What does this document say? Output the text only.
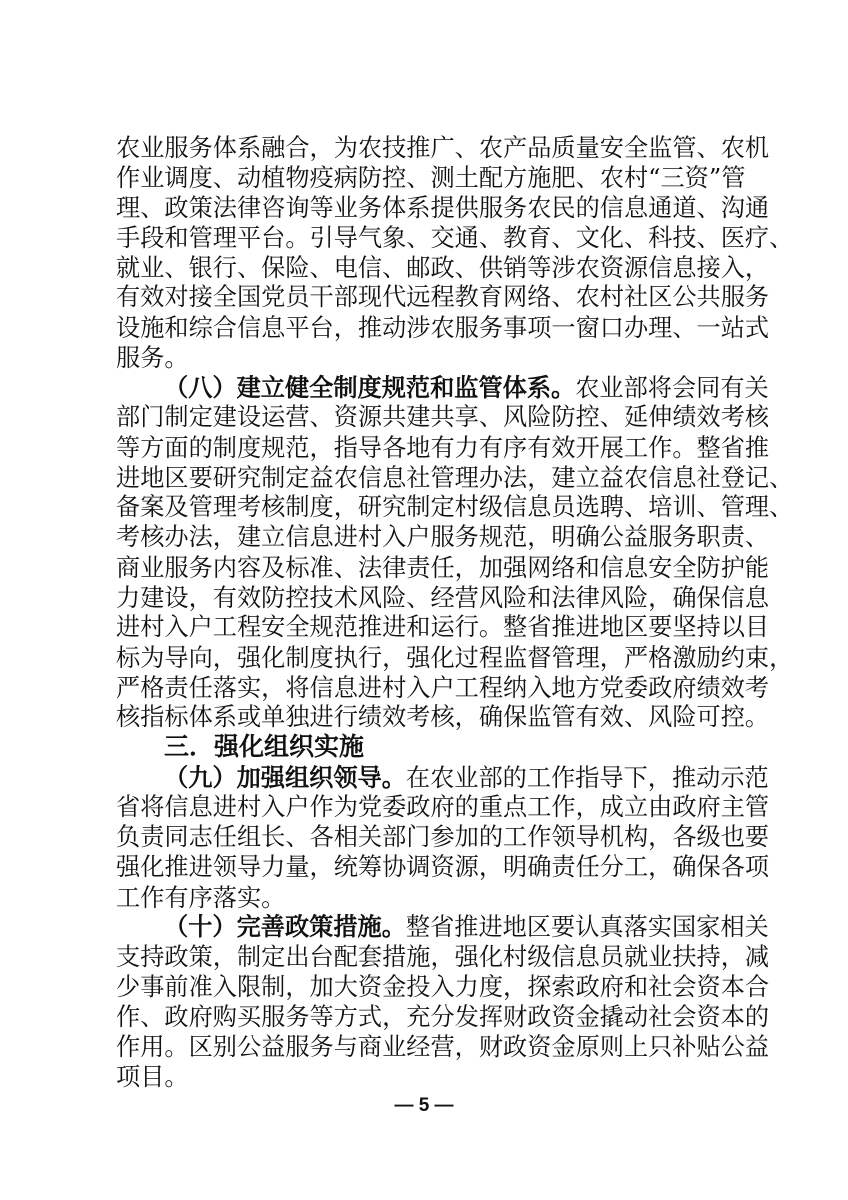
— 5 —
农业服务体系融合，为农技推广、农产品质量安全监管、农机
作业调度、动植物疫病防控、测土配方施肥、农村“三资”管
理、政策法律咨询等业务体系提供服务农民的信息通道、沟通
手段和管理平台。引导气象、交通、教育、文化、科技、医疗、
就业、银行、保险、电信、邮政、供销等涉农资源信息接入，
有效对接全国党员干部现代远程教育网络、农村社区公共服务
设施和综合信息平台，推动涉农服务事项一窗口办理、一站式
服务。
（八）建立健全制度规范和监管体系。农业部将会同有关
部门制定建设运营、资源共建共享、风险防控、延伸绩效考核
等方面的制度规范，指导各地有力有序有效开展工作。整省推
进地区要研究制定益农信息社管理办法，建立益农信息社登记、
备案及管理考核制度，研究制定村级信息员选聘、培训、管理、
考核办法，建立信息进村入户服务规范，明确公益服务职责、
商业服务内容及标准、法律责任，加强网络和信息安全防护能
力建设，有效防控技术风险、经营风险和法律风险，确保信息
进村入户工程安全规范推进和运行。整省推进地区要坚持以目
标为导向，强化制度执行，强化过程监督管理，严格激励约束，
严格责任落实，将信息进村入户工程纳入地方党委政府绩效考
核指标体系或单独进行绩效考核，确保监管有效、风险可控。
三．强化组织实施
（九）加强组织领导。在农业部的工作指导下，推动示范
省将信息进村入户作为党委政府的重点工作，成立由政府主管
负责同志任组长、各相关部门参加的工作领导机构，各级也要
强化推进领导力量，统筹协调资源，明确责任分工，确保各项
工作有序落实。
（十）完善政策措施。整省推进地区要认真落实国家相关
支持政策，制定出台配套措施，强化村级信息员就业扶持，减
少事前准入限制，加大资金投入力度，探索政府和社会资本合
作、政府购买服务等方式，充分发挥财政资金撬动社会资本的
作用。区别公益服务与商业经营，财政资金原则上只补贴公益
项目。
